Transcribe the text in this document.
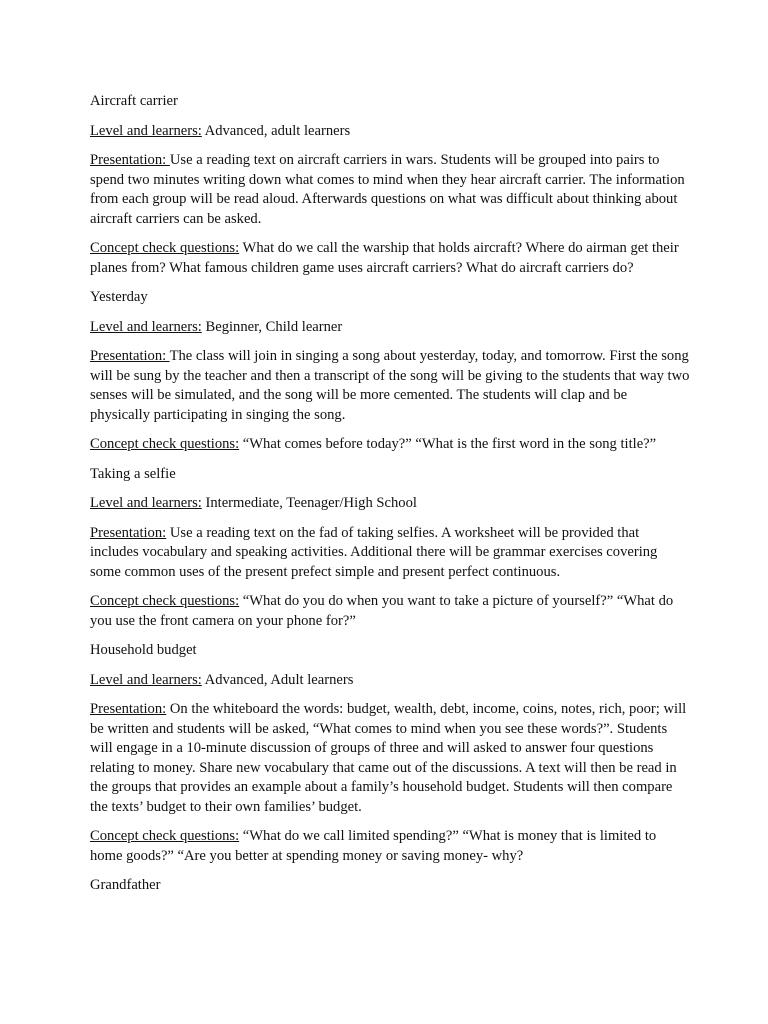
Aircraft carrier

Level and learners: Advanced, adult learners

Presentation: Use a reading text on aircraft carriers in wars. Students will be grouped into pairs to spend two minutes writing down what comes to mind when they hear aircraft carrier. The information from each group will be read aloud. Afterwards questions on what was difficult about thinking about aircraft carriers can be asked.

Concept check questions: What do we call the warship that holds aircraft? Where do airman get their planes from? What famous children game uses aircraft carriers? What do aircraft carriers do?

Yesterday

Level and learners: Beginner, Child learner

Presentation: The class will join in singing a song about yesterday, today, and tomorrow. First the song will be sung by the teacher and then a transcript of the song will be giving to the students that way two senses will be simulated, and the song will be more cemented. The students will clap and be physically participating in singing the song.

Concept check questions: “What comes before today?” “What is the first word in the song title?”

Taking a selfie

Level and learners: Intermediate, Teenager/High School

Presentation: Use a reading text on the fad of taking selfies. A worksheet will be provided that includes vocabulary and speaking activities. Additional there will be grammar exercises covering some common uses of the present prefect simple and present perfect continuous.

Concept check questions: “What do you do when you want to take a picture of yourself?” “What do you use the front camera on your phone for?”

Household budget

Level and learners: Advanced, Adult learners

Presentation: On the whiteboard the words: budget, wealth, debt, income, coins, notes, rich, poor; will be written and students will be asked, “What comes to mind when you see these words?”. Students will engage in a 10-minute discussion of groups of three and will asked to answer four questions relating to money. Share new vocabulary that came out of the discussions. A text will then be read in the groups that provides an example about a family’s household budget. Students will then compare the texts’ budget to their own families’ budget.

Concept check questions: “What do we call limited spending?” “What is money that is limited to home goods?” “Are you better at spending money or saving money- why?

Grandfather
